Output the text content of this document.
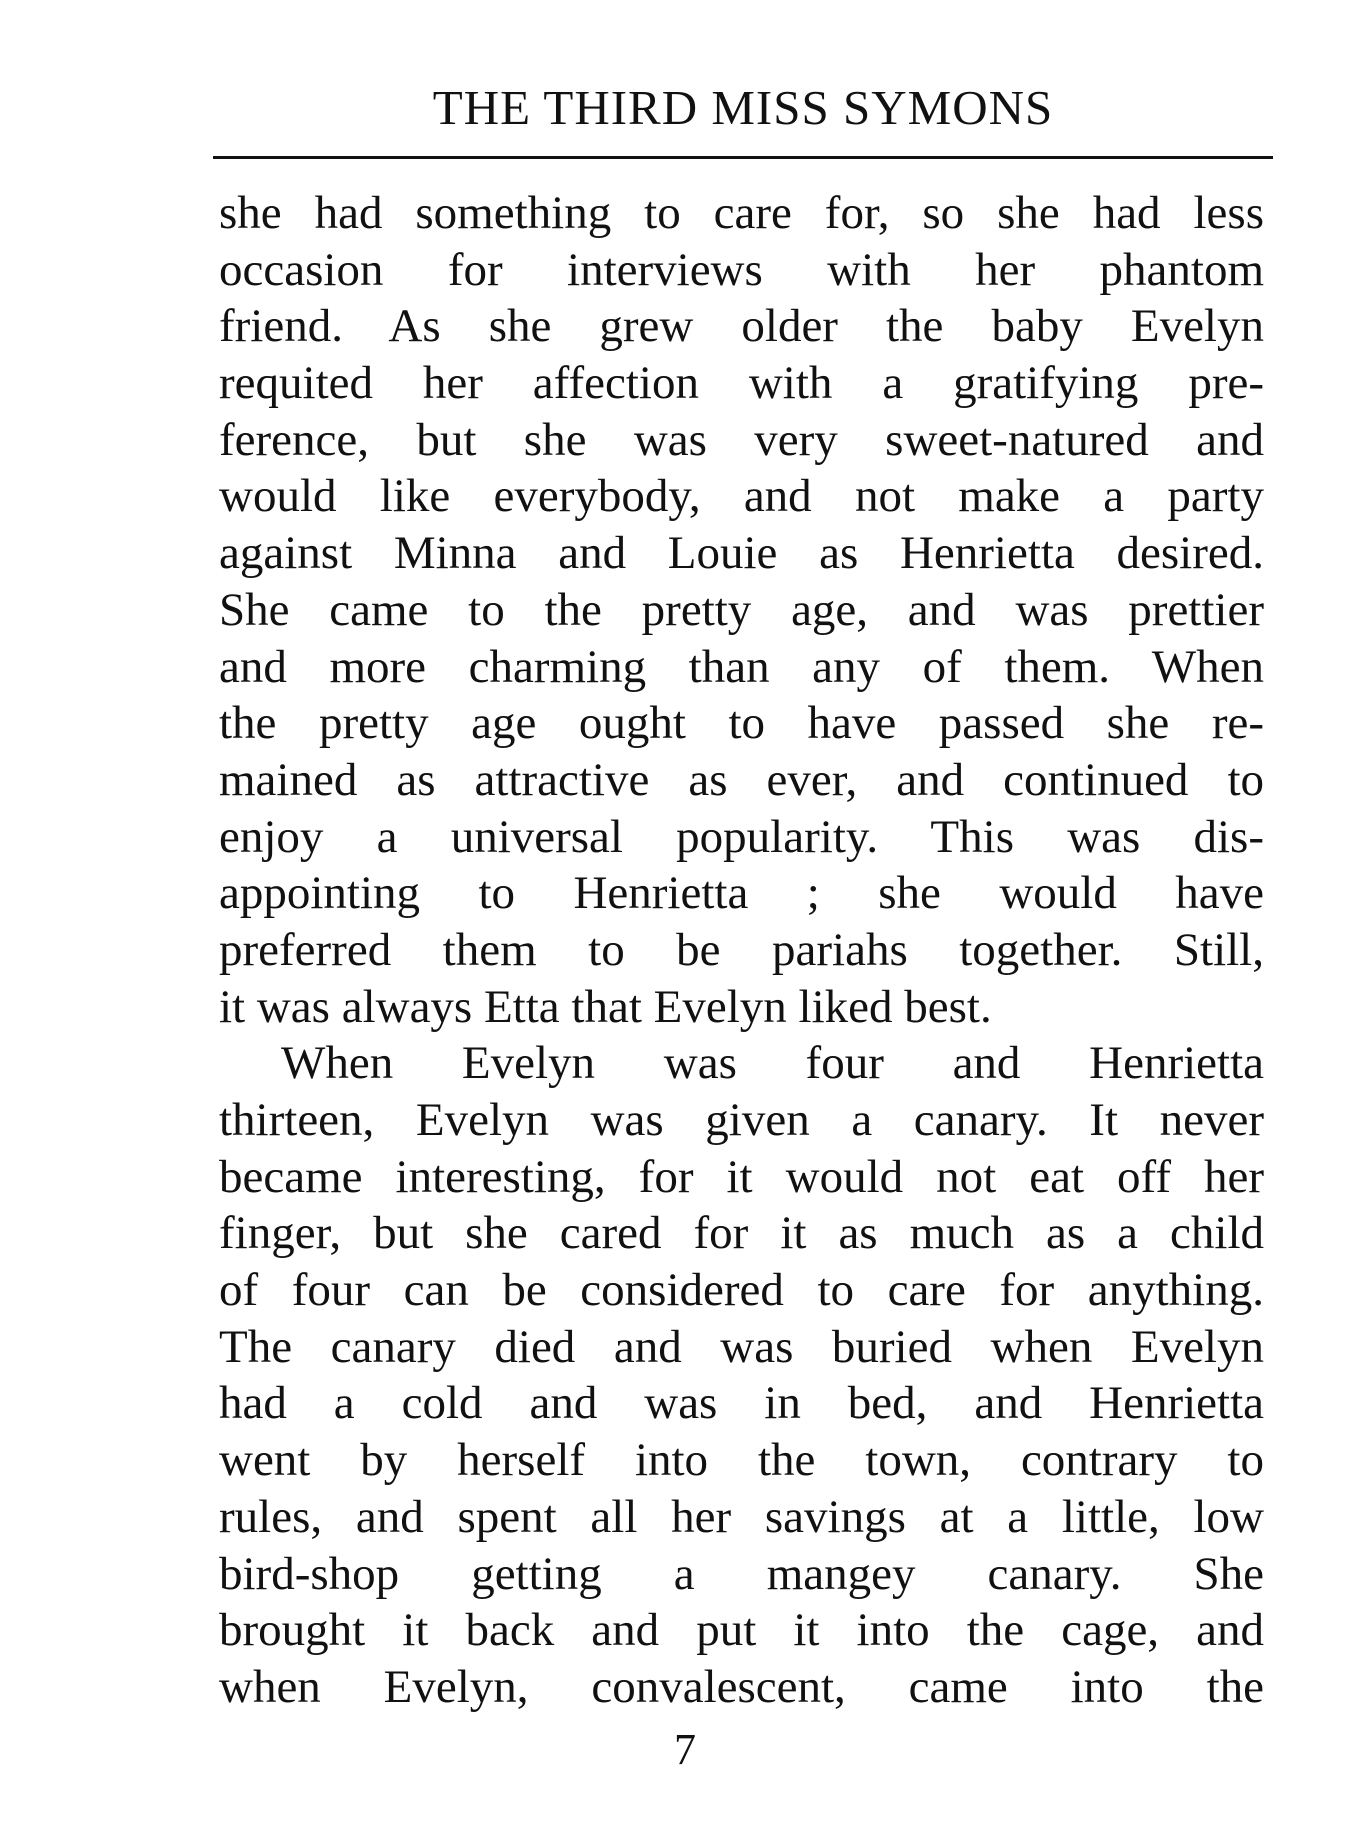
THE THIRD MISS SYMONS
she had something to care for, so she had less
occasion for interviews with her phantom
friend. As she grew older the baby Evelyn
requited her affection with a gratifying pre-
ference, but she was very sweet-natured and
would like everybody, and not make a party
against Minna and Louie as Henrietta desired.
She came to the pretty age, and was prettier
and more charming than any of them. When
the pretty age ought to have passed she re-
mained as attractive as ever, and continued to
enjoy a universal popularity. This was dis-
appointing to Henrietta ; she would have
preferred them to be pariahs together. Still,
it was always Etta that Evelyn liked best.
When Evelyn was four and Henrietta
thirteen, Evelyn was given a canary. It never
became interesting, for it would not eat off her
finger, but she cared for it as much as a child
of four can be considered to care for anything.
The canary died and was buried when Evelyn
had a cold and was in bed, and Henrietta
went by herself into the town, contrary to
rules, and spent all her savings at a little, low
bird-shop getting a mangey canary. She
brought it back and put it into the cage, and
when Evelyn, convalescent, came into the
7
